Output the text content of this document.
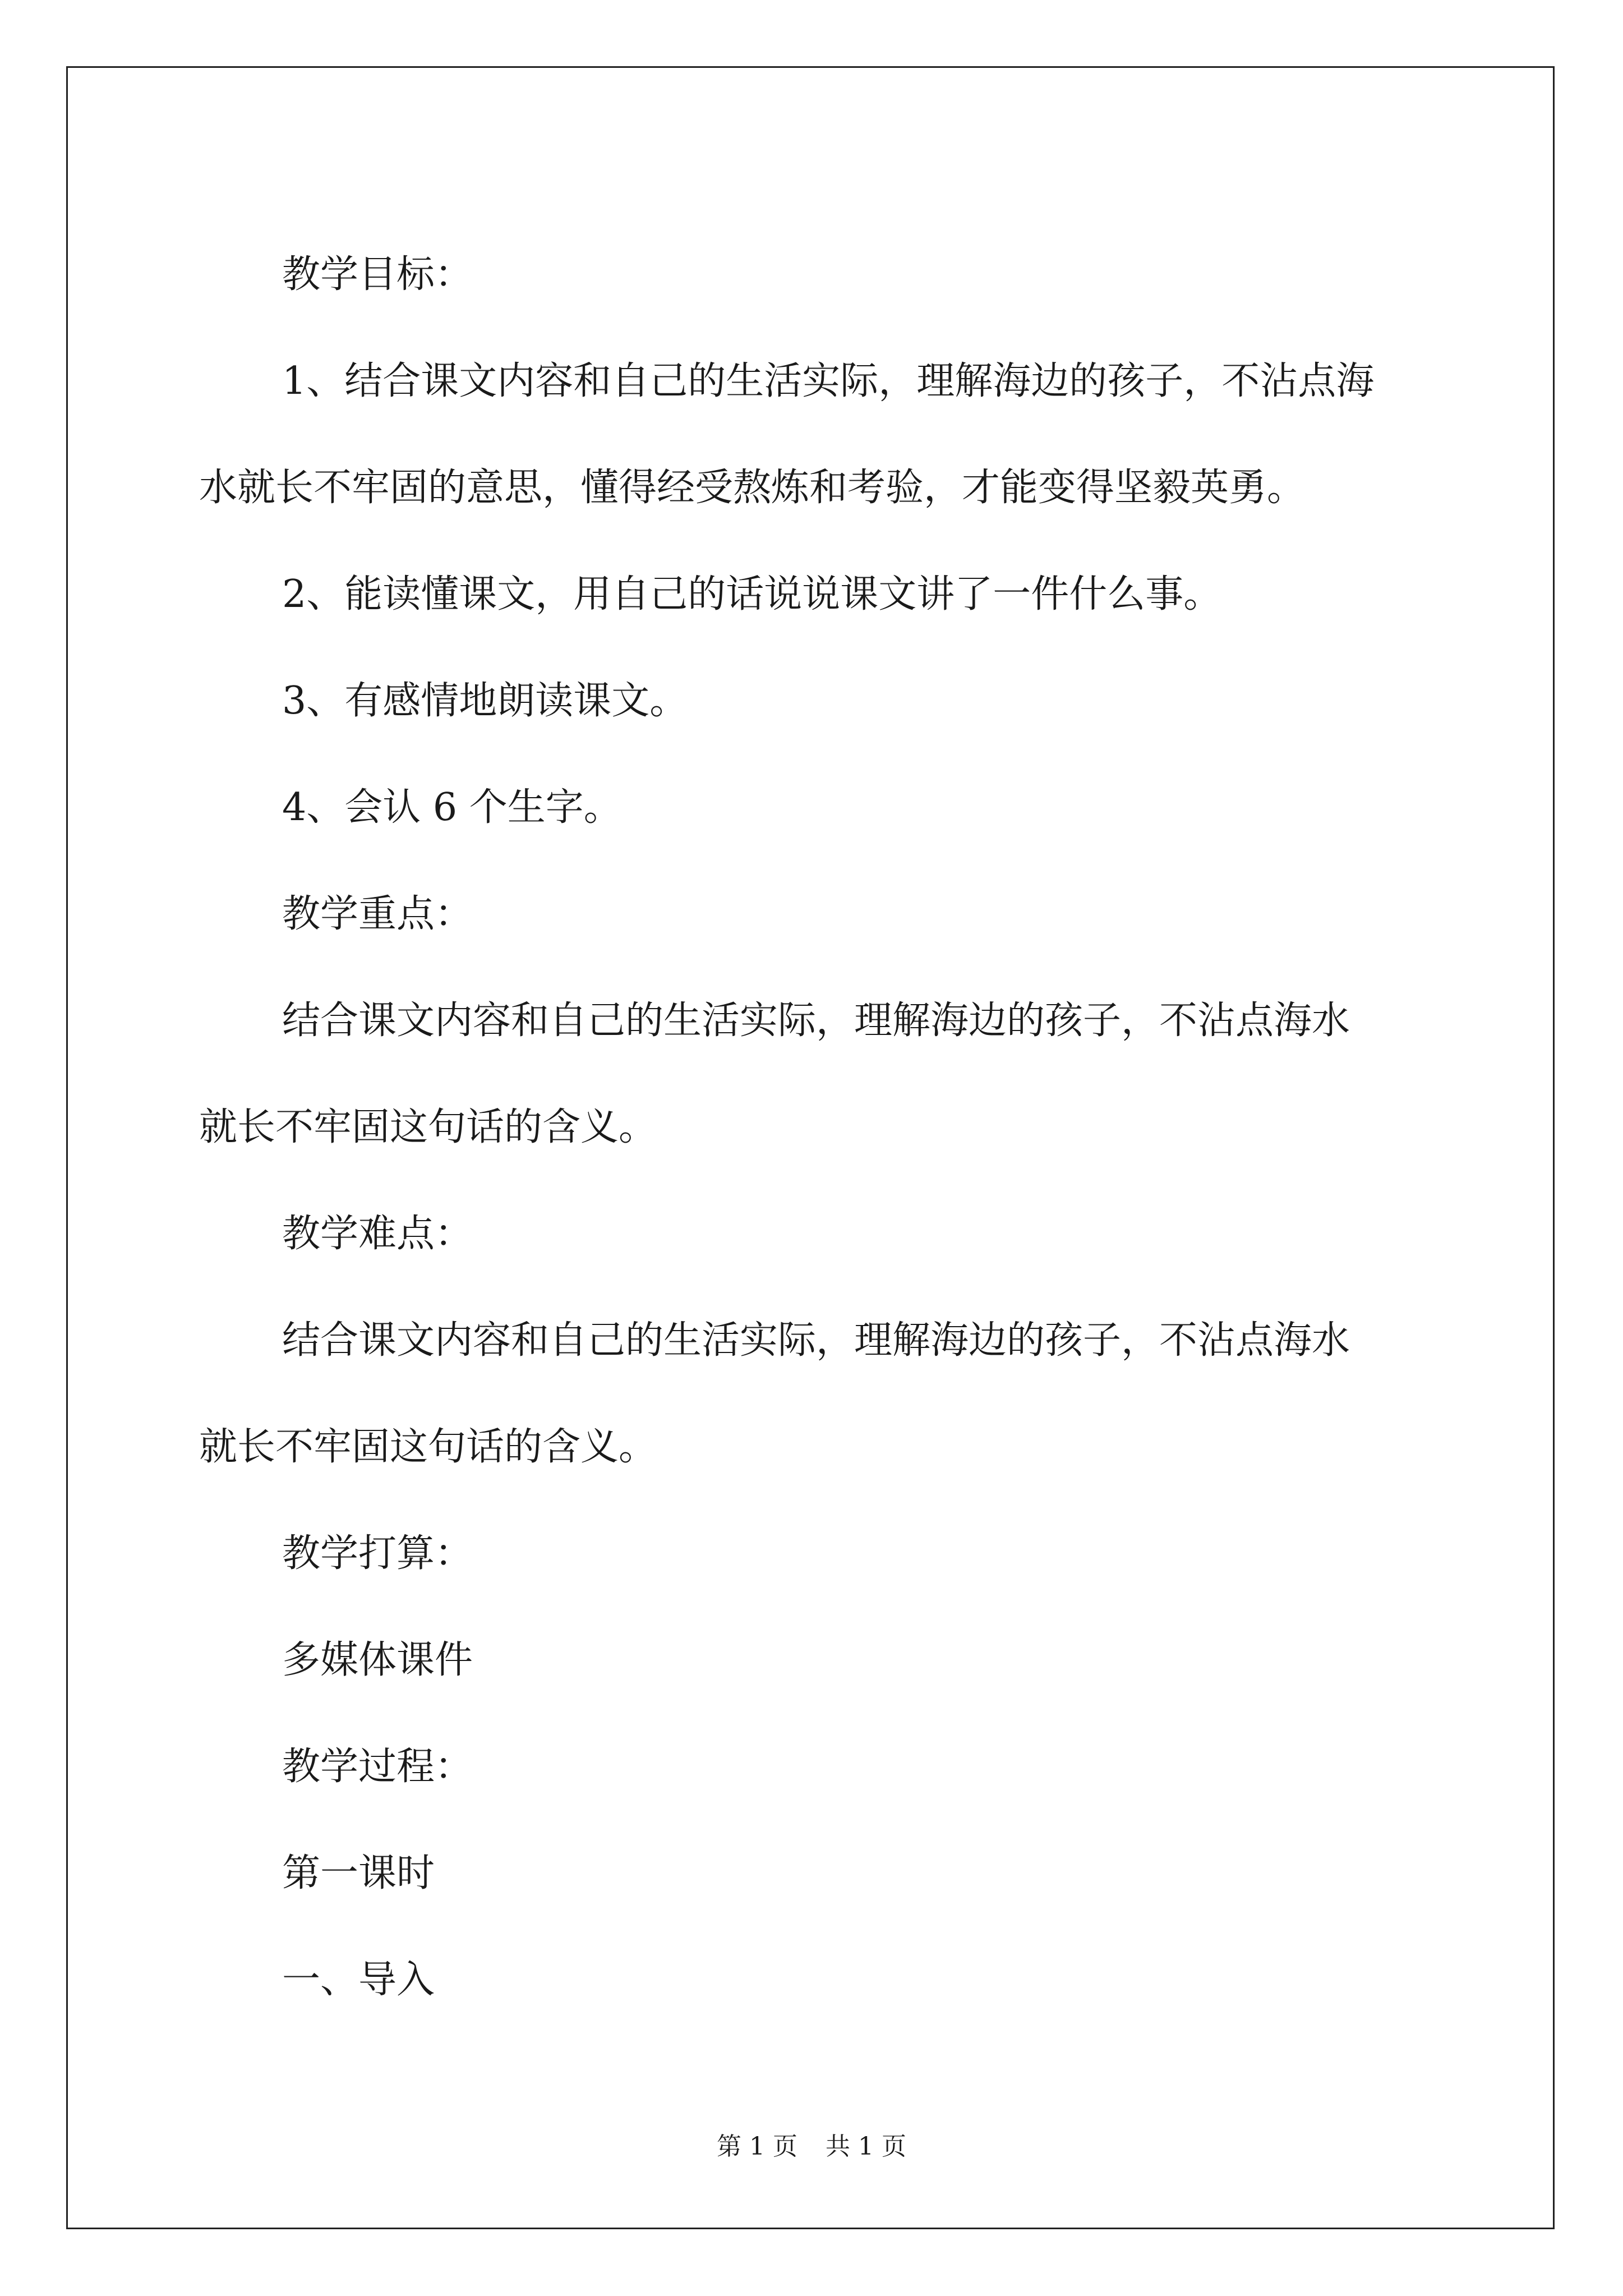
教学目标：

1、结合课文内容和自己的生活实际，理解海边的孩子，不沾点海

水就长不牢固的意思，懂得经受熬炼和考验，才能变得坚毅英勇。

2、能读懂课文，用自己的话说说课文讲了一件什么事。

3、有感情地朗读课文。

4、会认 6 个生字。

教学重点：

结合课文内容和自己的生活实际，理解海边的孩子，不沾点海水

就长不牢固这句话的含义。

教学难点：

结合课文内容和自己的生活实际，理解海边的孩子，不沾点海水

就长不牢固这句话的含义。

教学打算：

多媒体课件

教学过程：

第一课时

一、导入

第 1 页 共 1 页
